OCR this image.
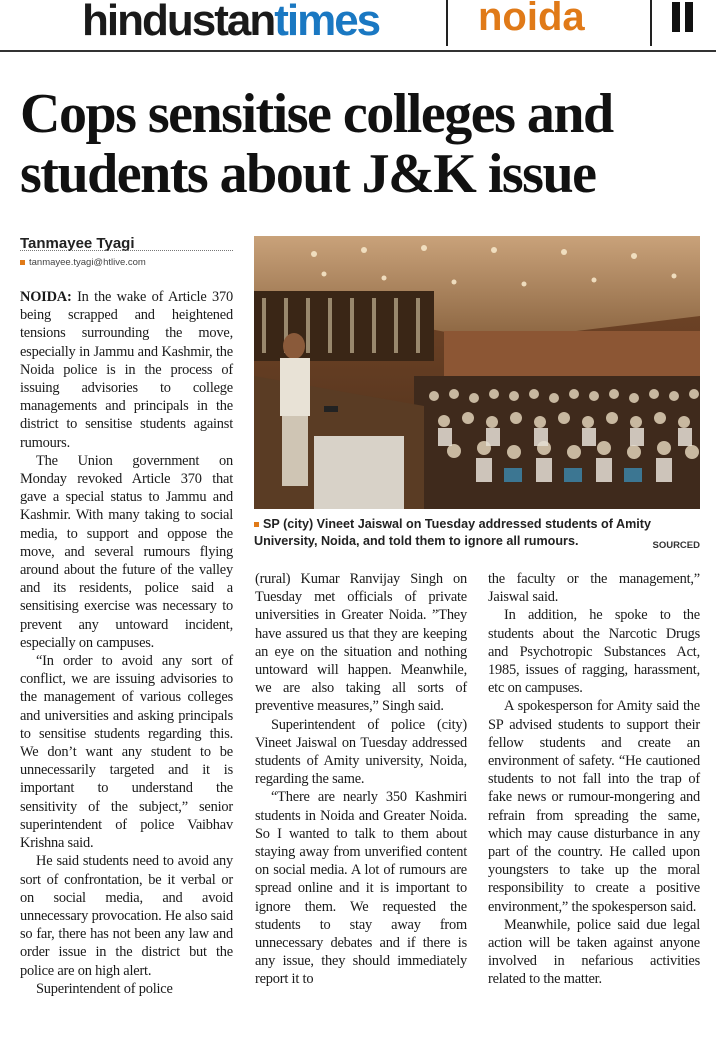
hindustantimes noida
Cops sensitise colleges and students about J&K issue
Tanmayee Tyagi
tanmayee.tyagi@htlive.com

NOIDA: In the wake of Article 370 being scrapped and heightened tensions surrounding the move, especially in Jammu and Kashmir, the Noida police is in the process of issuing advisories to college managements and principals in the district to sensitise students against rumours.

The Union government on Monday revoked Article 370 that gave a special status to Jammu and Kashmir. With many taking to social media, to support and oppose the move, and several rumours flying around about the future of the valley and its residents, police said a sensitising exercise was necessary to prevent any untoward incident, especially on campuses.

“In order to avoid any sort of conflict, we are issuing advisories to the management of various colleges and universities and asking principals to sensitise students regarding this. We don’t want any student to be unnecessarily targeted and it is important to understand the sensitivity of the subject,” senior superintendent of police Vaibhav Krishna said.

He said students need to avoid any sort of confrontation, be it verbal or on social media, and avoid unnecessary provocation. He also said so far, there has not been any law and order issue in the district but the police are on high alert.

Superintendent of police

SP (city) Vineet Jaiswal on Tuesday addressed students of Amity University, Noida, and told them to ignore all rumours.	SOURCED

(rural) Kumar Ranvijay Singh on Tuesday met officials of private universities in Greater Noida. ”They have assured us that they are keeping an eye on the situation and nothing untoward will happen. Meanwhile, we are also taking all sorts of preventive measures,” Singh said.

Superintendent of police (city) Vineet Jaiswal on Tuesday addressed students of Amity university, Noida, regarding the same.

“There are nearly 350 Kashmiri students in Noida and Greater Noida. So I wanted to talk to them about staying away from unverified content on social media. A lot of rumours are spread online and it is important to ignore them. We requested the students to stay away from unnecessary debates and if there is any issue, they should immediately report it to

the faculty or the management,” Jaiswal said.

In addition, he spoke to the students about the Narcotic Drugs and Psychotropic Substances Act, 1985, issues of ragging, harassment, etc on campuses.

A spokesperson for Amity said the SP advised students to support their fellow students and create an environment of safety. “He cautioned students to not fall into the trap of fake news or rumour-mongering and refrain from spreading the same, which may cause disturbance in any part of the country. He called upon youngsters to take up the moral responsibility to create a positive environment,” the spokesperson said.

Meanwhile, police said due legal action will be taken against anyone involved in nefarious activities related to the matter.
